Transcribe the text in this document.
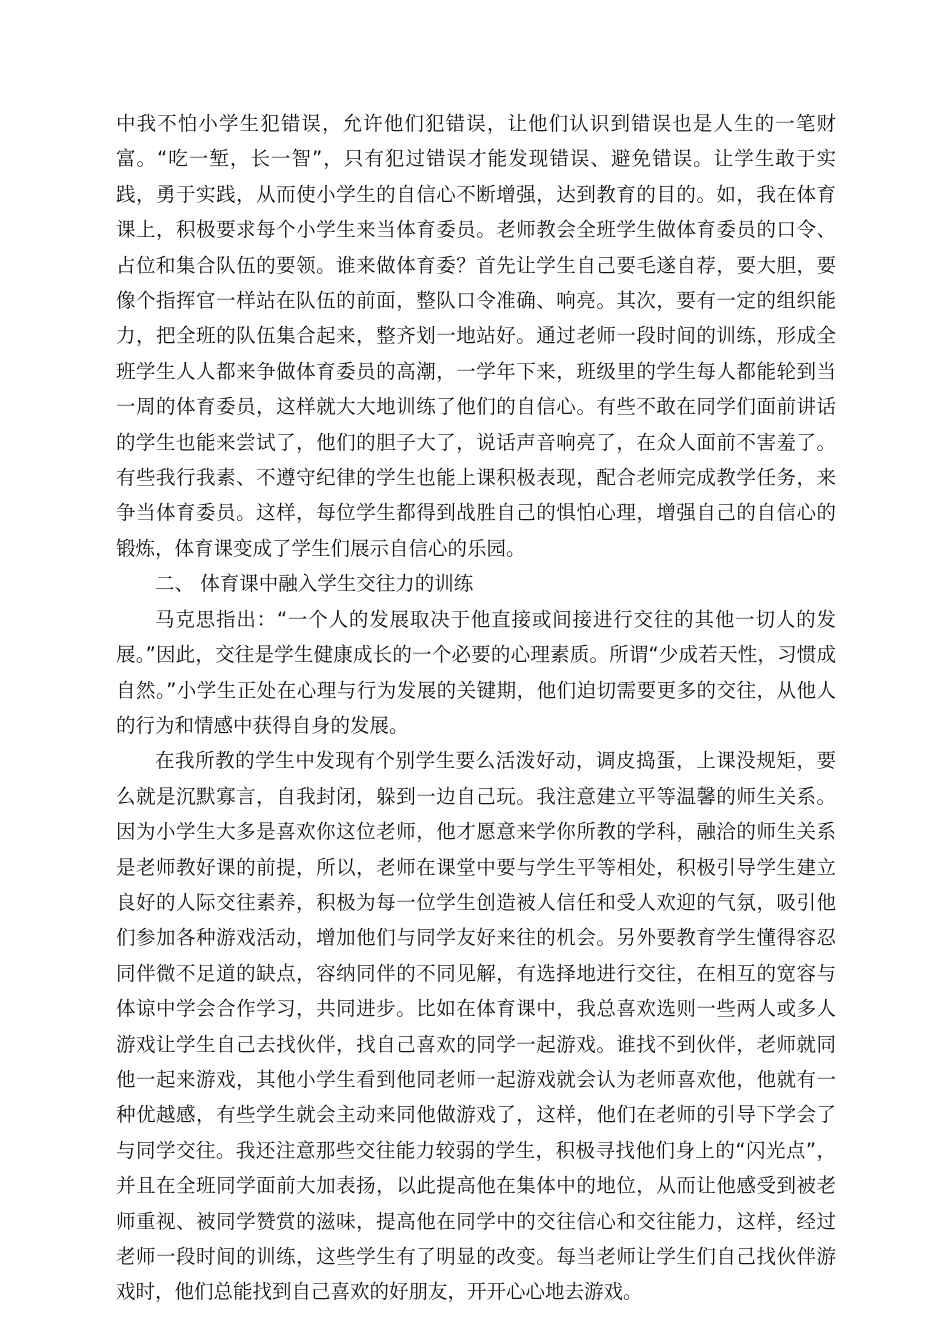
中我不怕小学生犯错误，允许他们犯错误，让他们认识到错误也是人生的一笔财富。“吃一堑，长一智”，只有犯过错误才能发现错误、避免错误。让学生敢于实践，勇于实践，从而使小学生的自信心不断增强，达到教育的目的。如，我在体育课上，积极要求每个小学生来当体育委员。老师教会全班学生做体育委员的口令、占位和集合队伍的要领。谁来做体育委？首先让学生自己要毛遂自荐，要大胆，要像个指挥官一样站在队伍的前面，整队口令准确、响亮。其次，要有一定的组织能力，把全班的队伍集合起来，整齐划一地站好。通过老师一段时间的训练，形成全班学生人人都来争做体育委员的高潮，一学年下来，班级里的学生每人都能轮到当一周的体育委员，这样就大大地训练了他们的自信心。有些不敢在同学们面前讲话的学生也能来尝试了，他们的胆子大了，说话声音响亮了，在众人面前不害羞了。有些我行我素、不遵守纪律的学生也能上课积极表现，配合老师完成教学任务，来争当体育委员。这样，每位学生都得到战胜自己的惧怕心理，增强自己的自信心的锻炼，体育课变成了学生们展示自信心的乐园。

二、 体育课中融入学生交往力的训练

马克思指出：“一个人的发展取决于他直接或间接进行交往的其他一切人的发展。”因此，交往是学生健康成长的一个必要的心理素质。所谓“少成若天性，习惯成自然。”小学生正处在心理与行为发展的关键期，他们迫切需要更多的交往，从他人的行为和情感中获得自身的发展。

在我所教的学生中发现有个别学生要么活泼好动，调皮捣蛋，上课没规矩，要么就是沉默寡言，自我封闭，躲到一边自己玩。我注意建立平等温馨的师生关系。因为小学生大多是喜欢你这位老师，他才愿意来学你所教的学科，融洽的师生关系是老师教好课的前提，所以，老师在课堂中要与学生平等相处，积极引导学生建立良好的人际交往素养，积极为每一位学生创造被人信任和受人欢迎的气氛，吸引他们参加各种游戏活动，增加他们与同学友好来往的机会。另外要教育学生懂得容忍同伴微不足道的缺点，容纳同伴的不同见解，有选择地进行交往，在相互的宽容与体谅中学会合作学习，共同进步。比如在体育课中，我总喜欢选则一些两人或多人游戏让学生自己去找伙伴，找自己喜欢的同学一起游戏。谁找不到伙伴，老师就同他一起来游戏，其他小学生看到他同老师一起游戏就会认为老师喜欢他，他就有一种优越感，有些学生就会主动来同他做游戏了，这样，他们在老师的引导下学会了与同学交往。我还注意那些交往能力较弱的学生，积极寻找他们身上的“闪光点”，并且在全班同学面前大加表扬，以此提高他在集体中的地位，从而让他感受到被老师重视、被同学赞赏的滋味，提高他在同学中的交往信心和交往能力，这样，经过老师一段时间的训练，这些学生有了明显的改变。每当老师让学生们自己找伙伴游戏时，他们总能找到自己喜欢的好朋友，开开心心地去游戏。
